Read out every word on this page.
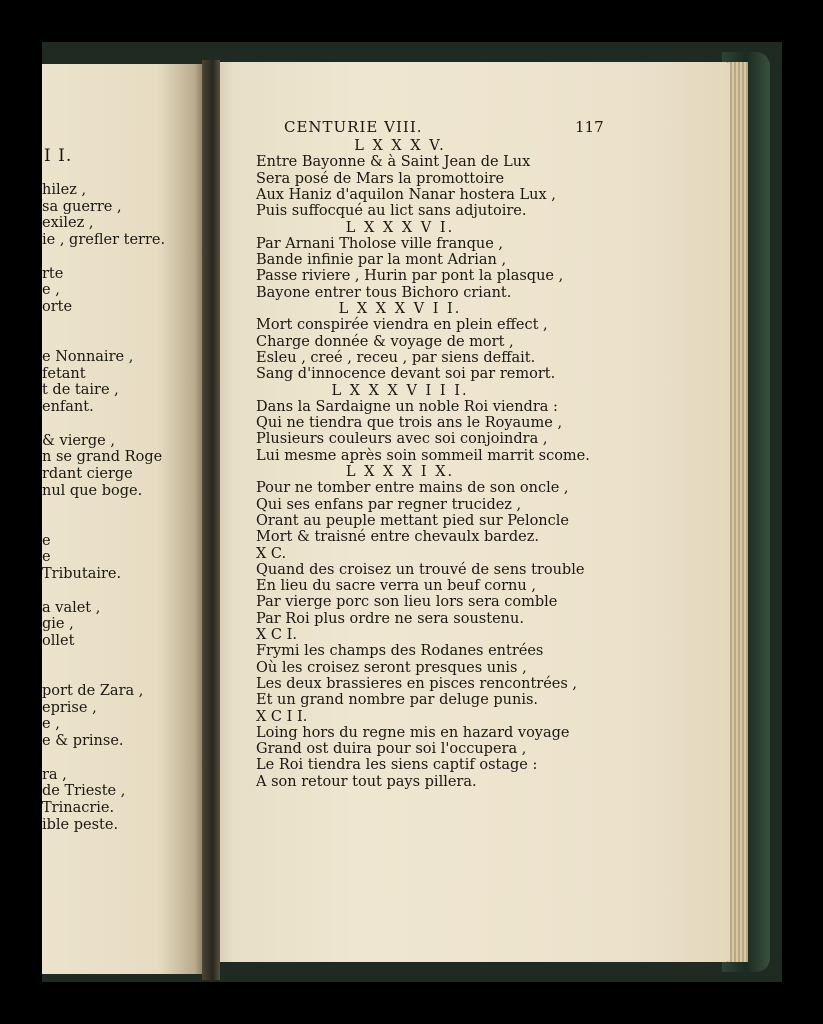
CENTURIE VIII.	117
I I.	L X X X V.
Entre Bayonne & à Saint Jean de Lux
Sera posé de Mars la promottoire
Aux Haniz d'aquilon Nanar hostera Lux ,
Puis suffocqué au lict sans adjutoire.
L X X X V I.
Par Arnani Tholose ville franque ,
Bande infinie par la mont Adrian ,
Passe riviere , Hurin par pont la plasque ,
Bayone entrer tous Bichoro criant.
L X X X V I I.
Mort conspirée viendra en plein effect ,
Charge donnée & voyage de mort ,
Esleu , creé , receu , par siens deffait.
Sang d'innocence devant soi par remort.
L X X X V I I I.
Dans la Sardaigne un noble Roi viendra :
Qui ne tiendra que trois ans le Royaume ,
Plusieurs couleurs avec soi conjoindra ,
Lui mesme après soin sommeil marrit scome.
L X X X I X.
Pour ne tomber entre mains de son oncle ,
Qui ses enfans par regner trucidez ,
Orant au peuple mettant pied sur Peloncle
Mort & traisné entre chevaulx bardez.
X C.
Quand des croisez un trouvé de sens trouble
En lieu du sacre verra un beuf cornu ,
Par vierge porc son lieu lors sera comble
Par Roi plus ordre ne sera soustenu.
X C I.
Frymi les champs des Rodanes entrées
Où les croisez seront presques unis ,
Les deux brassieres en pisces rencontrées ,
Et un grand nombre par deluge punis.
X C I I.
Loing hors du regne mis en hazard voyage
Grand ost duira pour soi l'occupera ,
Le Roi tiendra les siens captif ostage :
A son retour tout pays pillera.
hilez ,
sa guerre ,
exilez ,
ie , grefler terre.
rte
e ,
orte
e Nonnaire ,
fetant
t de taire ,
enfant.
& vierge ,
n se grand Roge
rdant cierge
nul que boge.
e
e
Tributaire.
a valet ,
gie ,
ollet
port de Zara ,
eprise ,
e ,
e & prinse.
ra ,
de Trieste ,
Trinacrie.
ible peste.
